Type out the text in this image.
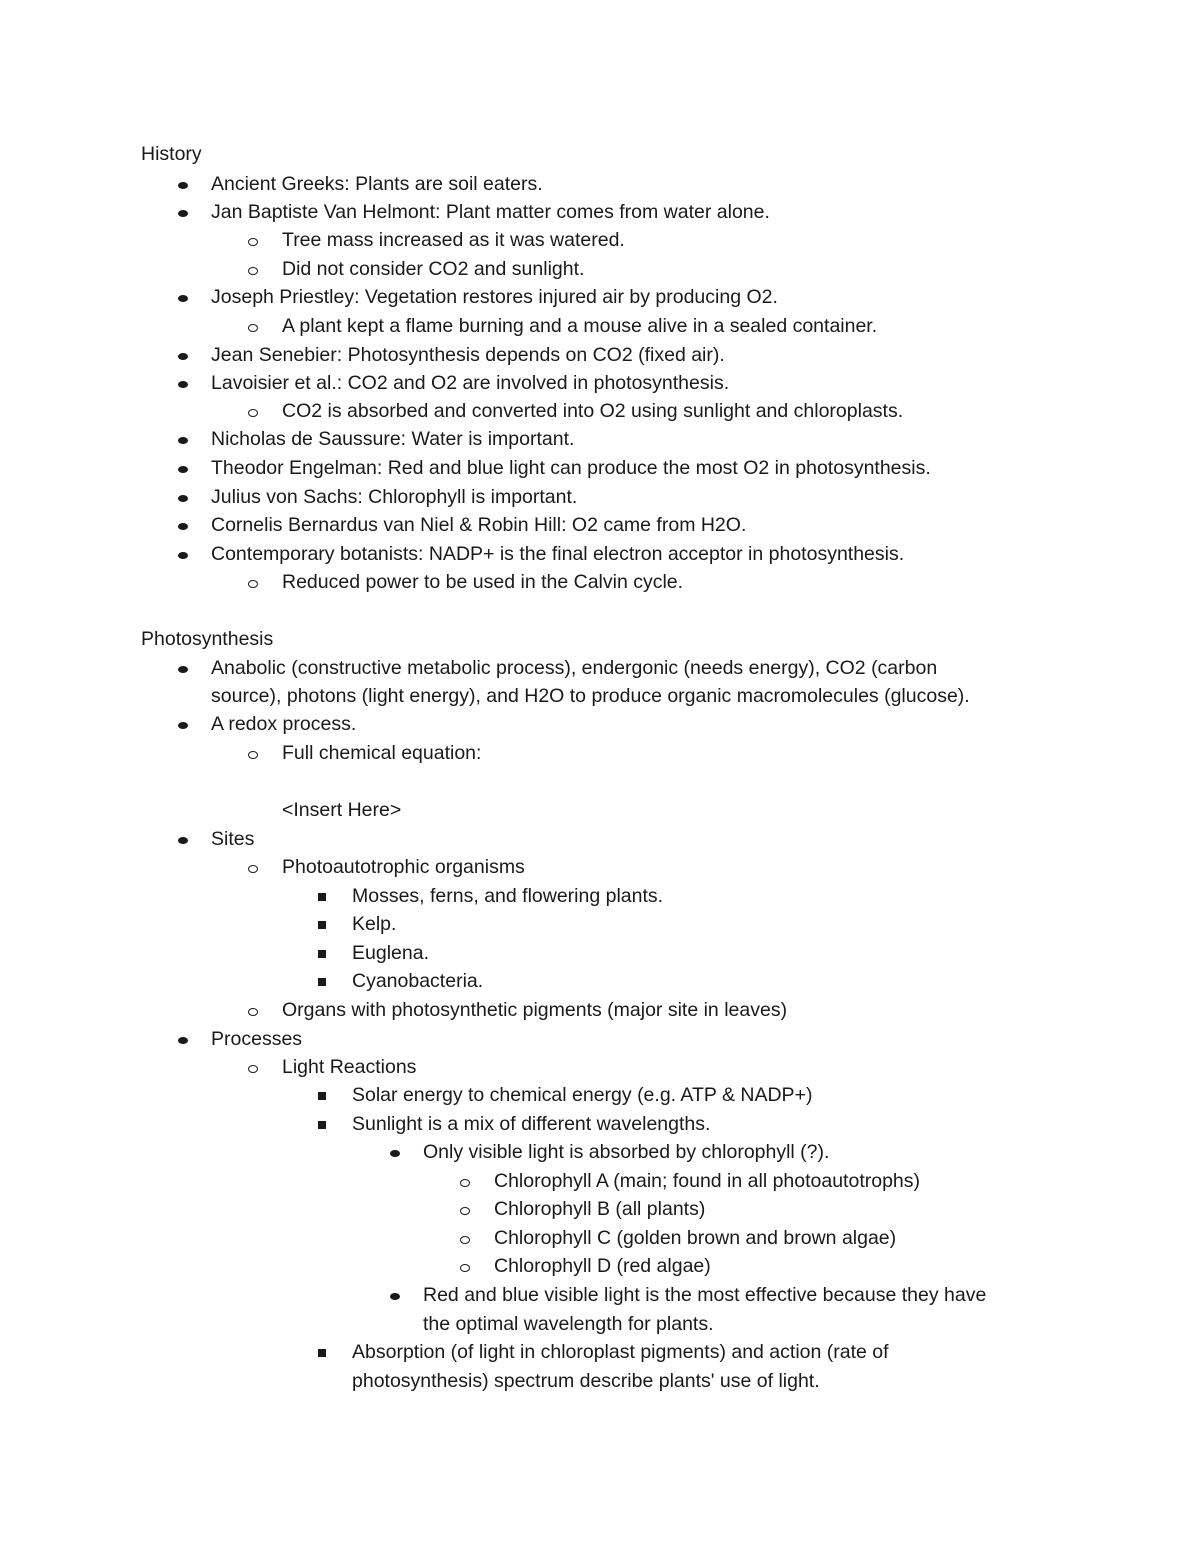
History
Ancient Greeks: Plants are soil eaters.
Jan Baptiste Van Helmont: Plant matter comes from water alone.
Tree mass increased as it was watered.
Did not consider CO2 and sunlight.
Joseph Priestley: Vegetation restores injured air by producing O2.
A plant kept a flame burning and a mouse alive in a sealed container.
Jean Senebier: Photosynthesis depends on CO2 (fixed air).
Lavoisier et al.: CO2 and O2 are involved in photosynthesis.
CO2 is absorbed and converted into O2 using sunlight and chloroplasts.
Nicholas de Saussure: Water is important.
Theodor Engelman: Red and blue light can produce the most O2 in photosynthesis.
Julius von Sachs: Chlorophyll is important.
Cornelis Bernardus van Niel & Robin Hill: O2 came from H2O.
Contemporary botanists: NADP+ is the final electron acceptor in photosynthesis.
Reduced power to be used in the Calvin cycle.
Photosynthesis
Anabolic (constructive metabolic process), endergonic (needs energy), CO2 (carbon
source), photons (light energy), and H2O to produce organic macromolecules (glucose).
A redox process.
Full chemical equation:
<Insert Here>
Sites
Photoautotrophic organisms
Mosses, ferns, and flowering plants.
Kelp.
Euglena.
Cyanobacteria.
Organs with photosynthetic pigments (major site in leaves)
Processes
Light Reactions
Solar energy to chemical energy (e.g. ATP & NADP+)
Sunlight is a mix of different wavelengths.
Only visible light is absorbed by chlorophyll (?).
Chlorophyll A (main; found in all photoautotrophs)
Chlorophyll B (all plants)
Chlorophyll C (golden brown and brown algae)
Chlorophyll D (red algae)
Red and blue visible light is the most effective because they have
the optimal wavelength for plants.
Absorption (of light in chloroplast pigments) and action (rate of
photosynthesis) spectrum describe plants' use of light.
